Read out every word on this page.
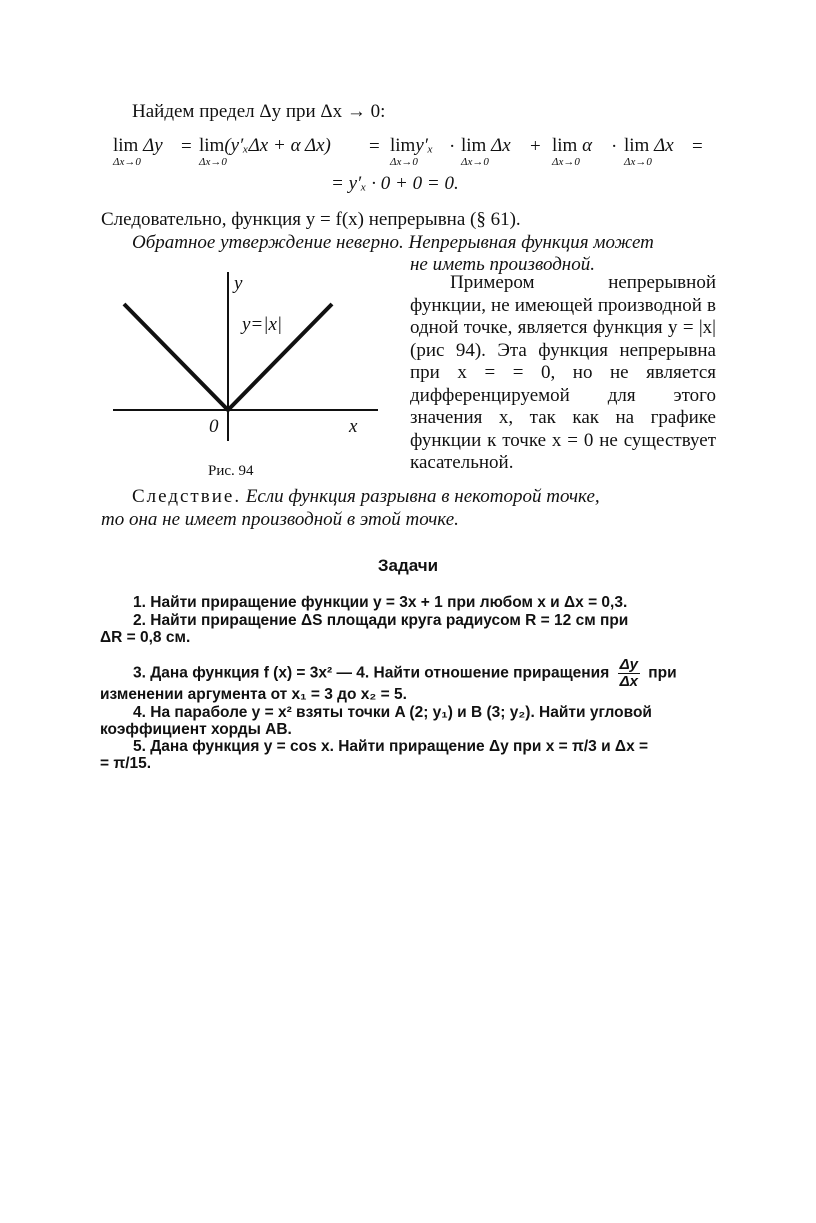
Найдем предел Δy при Δx → 0:
lim Δy
Δx→0
= lim(y′ₓΔx + α Δx)
Δx→0
= limy′ₓ
Δx→0
· lim Δx
Δx→0
+ lim α
Δx→0
· lim Δx
Δx→0
=
= y′ₓ · 0 + 0 = 0.
Следовательно, функция y = f(x) непрерывна (§ 61).
Обратное утверждение неверно. Непрерывная функция может
не иметь производной.
y
x
0
y=|x|
Рис. 94

Примером непрерывной функции, не имеющей производной в одной точке, является функция y = |x| (рис 94). Эта функция непрерывна при x = = 0, но не является дифференцируемой для этого значения x, так как на графике функции к точке x = 0 не существует касательной.

Следствие. Если функция разрывна в некоторой точке,
то она не имеет производной в этой точке.
Задачи
1. Найти приращение функции y = 3x + 1 при любом x и Δx = 0,3.
2. Найти приращение ΔS площади круга радиусом R = 12 см при
ΔR = 0,8 см.
3. Дана функция f (x) = 3x² — 4. Найти отношение приращения $\frac{\Delta y}{\Delta x}$ при
изменении аргумента от x₁ = 3 до x₂ = 5.
4. На параболе y = x² взяты точки A (2; y₁) и B (3; y₂). Найти угловой
коэффициент хорды AB.
5. Дана функция y = cos x. Найти приращение Δy при x = π/3 и Δx =
= π/15.
